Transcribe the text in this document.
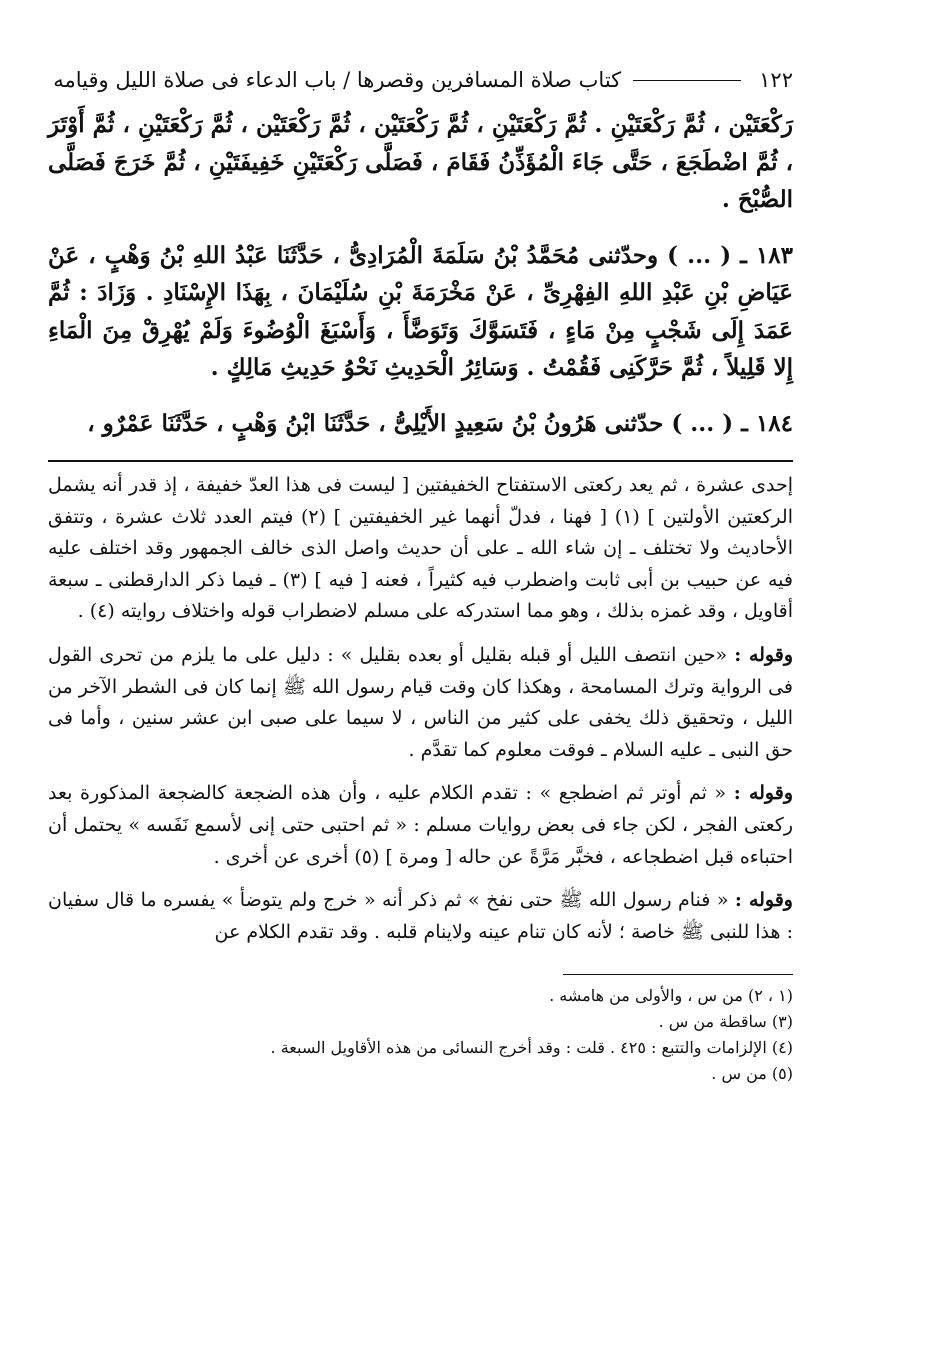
١٢٢
كتاب صلاة المسافرين وقصرها / باب الدعاء فى صلاة الليل وقيامه

رَكْعَتَيْن ، ثُمَّ رَكْعَتَيْنِ . ثُمَّ رَكْعَتَيْنِ ، ثُمَّ رَكْعَتَيْن ، ثُمَّ رَكْعَتَيْن ، ثُمَّ رَكْعَتَيْنِ ، ثُمَّ أَوْتَرَ ، ثُمَّ اضْطَجَعَ ، حَتَّى جَاءَ الْمُؤَذِّنُ فَقَامَ ، فَصَلَّى رَكْعَتَيْنِ خَفِيفَتَيْنِ ، ثُمَّ خَرَجَ فَصَلَّى الصُّبْحَ .

١٨٣ ـ ( ... ) وحدّثنى مُحَمَّدُ بْنُ سَلَمَةَ الْمُرَادِىُّ ، حَدَّثَنَا عَبْدُ اللهِ بْنُ وَهْبٍ ، عَنْ عَيَاضِ بْنِ عَبْدِ اللهِ الفِهْرِىِّ ، عَنْ مَخْرَمَةَ بْنِ سُلَيْمَانَ ، بِهَذَا الإِسْنَادِ . وَزَادَ : ثُمَّ عَمَدَ إِلَى شَجْبٍ مِنْ مَاءٍ ، فَتَسَوَّكَ وَتَوَضَّأَ ، وَأَسْبَغَ الْوُضُوءَ وَلَمْ يُهْرِقْ مِنَ الْمَاءِ إِلا قَلِيلاً ، ثُمَّ حَرَّكَنِى فَقُمْتُ . وَسَائِرُ الْحَدِيثِ نَحْوُ حَدِيثِ مَالِكٍ .

١٨٤ ـ ( ... ) حدّثنى هَرُونُ بْنُ سَعِيدٍ الأَيْلِىُّ ، حَدَّثَنَا ابْنُ وَهْبٍ ، حَدَّثَنَا عَمْرٌو ،

إحدى عشرة ، ثم يعد ركعتى الاستفتاح الخفيفتين [ ليست فى هذا العدّ خفيفة ، إذ قدر أنه يشمل الركعتين الأولتين ] (١) [ فهنا ، فدلّ أنهما غير الخفيفتين ] (٢) فيتم العدد ثلاث عشرة ، وتتفق الأحاديث ولا تختلف ـ إن شاء الله ـ على أن حديث واصل الذى خالف الجمهور وقد اختلف عليه فيه عن حبيب بن أبى ثابت واضطرب فيه كثيراً ، فعنه [ فيه ] (٣) ـ فيما ذكر الدارقطنى ـ سبعة أقاويل ، وقد غمزه بذلك ، وهو مما استدركه على مسلم لاضطراب قوله واختلاف روايته (٤) .

وقوله : «حين انتصف الليل أو قبله بقليل أو بعده بقليل » : دليل على ما يلزم من تحرى القول فى الرواية وترك المسامحة ، وهكذا كان وقت قيام رسول الله ﷺ إنما كان فى الشطر الآخر من الليل ، وتحقيق ذلك يخفى على كثير من الناس ، لا سيما على صبى ابن عشر سنين ، وأما فى حق النبى ـ عليه السلام ـ فوقت معلوم كما تقدَّم .

وقوله : « ثم أوتر ثم اضطجع » : تقدم الكلام عليه ، وأن هذه الضجعة كالضجعة المذكورة بعد ركعتى الفجر ، لكن جاء فى بعض روايات مسلم : « ثم احتبى حتى إنى لأسمع نَفَسه » يحتمل أن احتباءه قبل اضطجاعه ، فخبَّر مَرَّةً عن حاله [ ومرة ] (٥) أخرى عن أخرى .

وقوله : « فنام رسول الله ﷺ حتى نفخ » ثم ذكر أنه « خرج ولم يتوضأ » يفسره ما قال سفيان : هذا للنبى ﷺ خاصة ؛ لأنه كان تنام عينه ولاينام قلبه . وقد تقدم الكلام عن

(١ ، ٢) من س ، والأولى من هامشه .
(٣) ساقطة من س .
(٤) الإلزامات والتتبع : ٤٢٥ . قلت : وقد أخرج النسائى من هذه الأقاويل السبعة .
(٥) من س .
